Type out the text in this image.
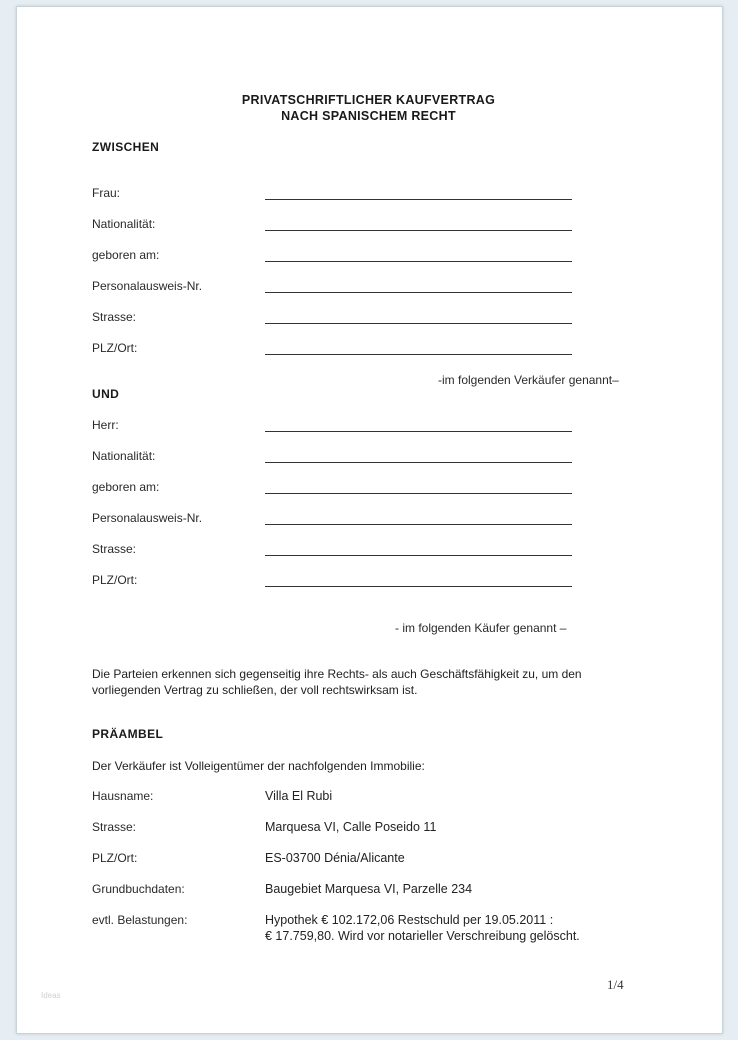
PRIVATSCHRIFTLICHER KAUFVERTRAG
NACH SPANISCHEM RECHT
ZWISCHEN
Frau:
Nationalität:
geboren am:
Personalausweis-Nr.
Strasse:
PLZ/Ort:
-im folgenden Verkäufer genannt–
UND
Herr:
Nationalität:
geboren am:
Personalausweis-Nr.
Strasse:
PLZ/Ort:
- im folgenden Käufer genannt –
Die Parteien erkennen sich gegenseitig ihre Rechts- als auch Geschäftsfähigkeit zu, um den vorliegenden Vertrag zu schließen, der voll rechtswirksam ist.
PRÄAMBEL
Der Verkäufer ist Volleigentümer der nachfolgenden Immobilie:
Hausname:	Villa El Rubi
Strasse:	Marquesa VI, Calle Poseido 11
PLZ/Ort:	ES-03700 Dénia/Alicante
Grundbuchdaten:	Baugebiet Marquesa VI, Parzelle 234
evtl. Belastungen:	Hypothek € 102.172,06 Restschuld per 19.05.2011 :
€ 17.759,80. Wird vor notarieller Verschreibung gelöscht.
1/4
Ideas
